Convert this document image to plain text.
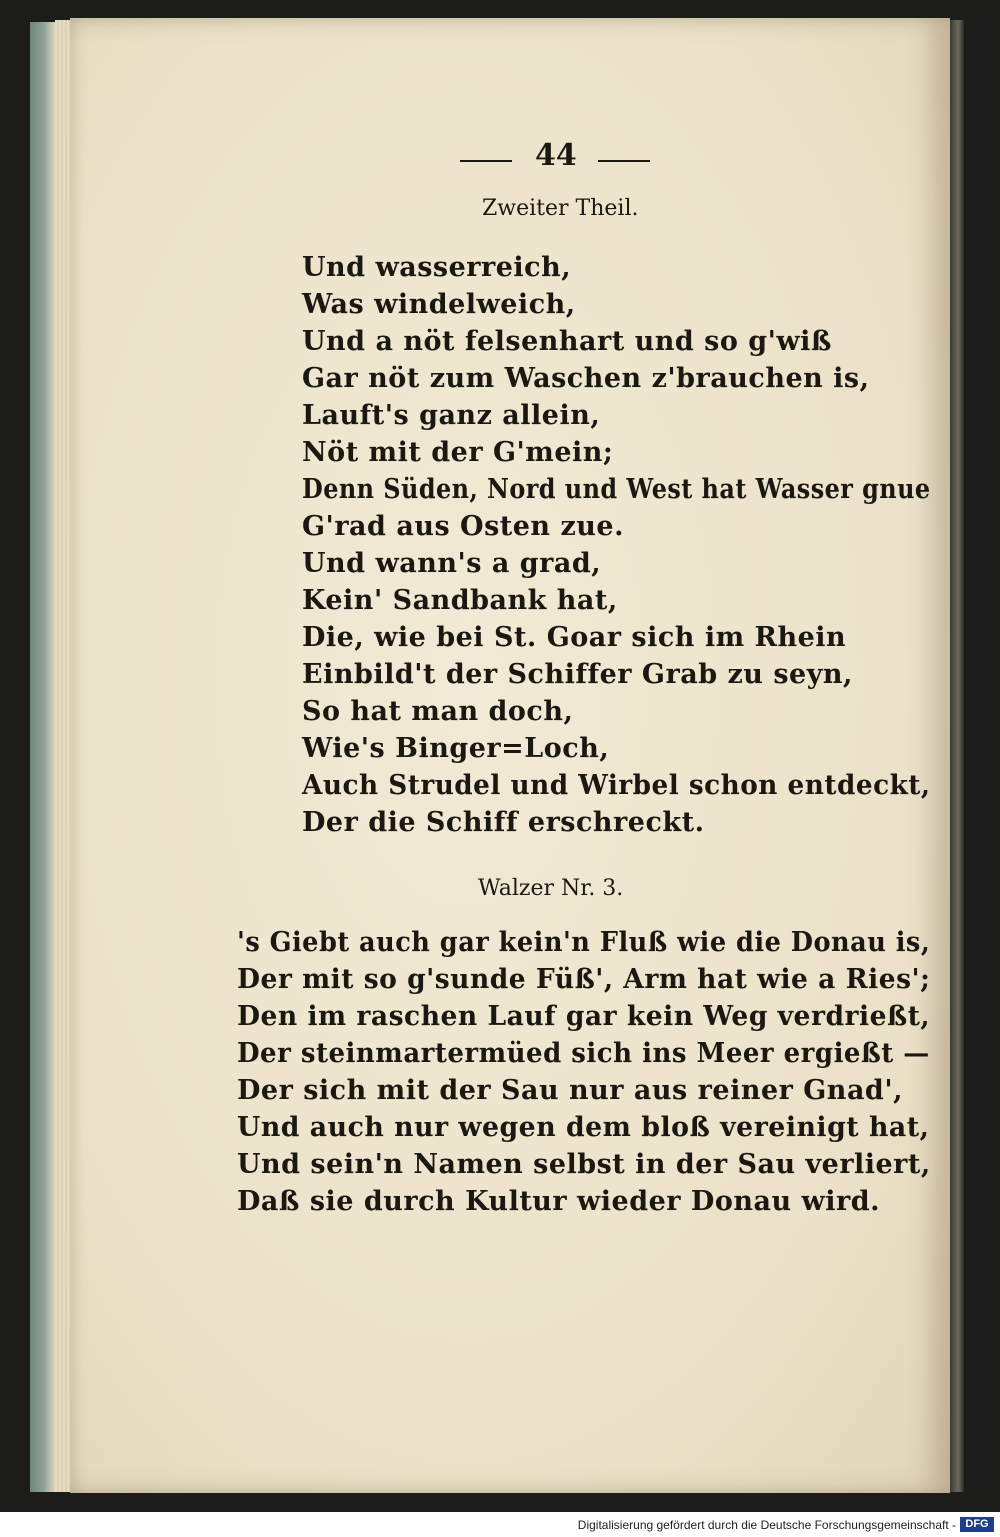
44
Zweiter Theil.
Und wasserreich,
Was windelweich,
Und a nöt felsenhart und so g'wiß
Gar nöt zum Waschen z'brauchen is,
Lauft's ganz allein,
Nöt mit der G'mein;
Denn Süden, Nord und West hat Wasser gnue
G'rad aus Osten zue.
Und wann's a grad,
Kein' Sandbank hat,
Die, wie bei St. Goar sich im Rhein
Einbild't der Schiffer Grab zu seyn,
So hat man doch,
Wie's Binger=Loch,
Auch Strudel und Wirbel schon entdeckt,
Der die Schiff erschreckt.
Walzer Nr. 3.
's Giebt auch gar kein'n Fluß wie die Donau is,
Der mit so g'sunde Füß', Arm hat wie a Ries';
Den im raschen Lauf gar kein Weg verdrießt,
Der steinmartermüed sich ins Meer ergießt —
Der sich mit der Sau nur aus reiner Gnad',
Und auch nur wegen dem bloß vereinigt hat,
Und sein'n Namen selbst in der Sau verliert,
Daß sie durch Kultur wieder Donau wird.
Digitalisierung gefördert durch die Deutsche Forschungsgemeinschaft - DFG
